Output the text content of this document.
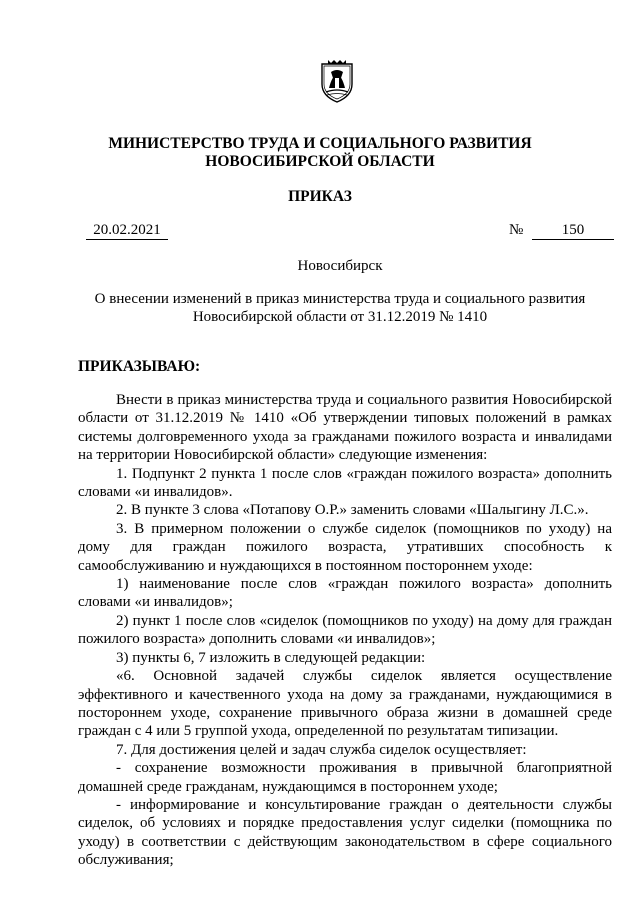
МИНИСТЕРСТВО ТРУДА И СОЦИАЛЬНОГО РАЗВИТИЯ
НОВОСИБИРСКОЙ ОБЛАСТИ
ПРИКАЗ
20.02.2021	№	150
Новосибирск
О внесении изменений в приказ министерства труда и социального развития
Новосибирской области от 31.12.2019 № 1410
ПРИКАЗЫВАЮ:

Внести в приказ министерства труда и социального развития Новосибирской области от 31.12.2019 № 1410 «Об утверждении типовых положений в рамках системы долговременного ухода за гражданами пожилого возраста и инвалидами на территории Новосибирской области» следующие изменения:

1. Подпункт 2 пункта 1 после слов «граждан пожилого возраста» дополнить словами «и инвалидов».

2. В пункте 3 слова «Потапову О.Р.» заменить словами «Шалыгину Л.С.».

3. В примерном положении о службе сиделок (помощников по уходу) на дому для граждан пожилого возраста, утративших способность к самообслуживанию и нуждающихся в постоянном постороннем уходе:

1) наименование после слов «граждан пожилого возраста» дополнить словами «и инвалидов»;

2) пункт 1 после слов «сиделок (помощников по уходу) на дому для граждан пожилого возраста» дополнить словами «и инвалидов»;

3) пункты 6, 7 изложить в следующей редакции:

«6. Основной задачей службы сиделок является осуществление эффективного и качественного ухода на дому за гражданами, нуждающимися в постороннем уходе, сохранение привычного образа жизни в домашней среде граждан с 4 или 5 группой ухода, определенной по результатам типизации.

7. Для достижения целей и задач служба сиделок осуществляет:

- сохранение возможности проживания в привычной благоприятной домашней среде гражданам, нуждающимся в постороннем уходе;

- информирование и консультирование граждан о деятельности службы сиделок, об условиях и порядке предоставления услуг сиделки (помощника по уходу) в соответствии с действующим законодательством в сфере социального обслуживания;
